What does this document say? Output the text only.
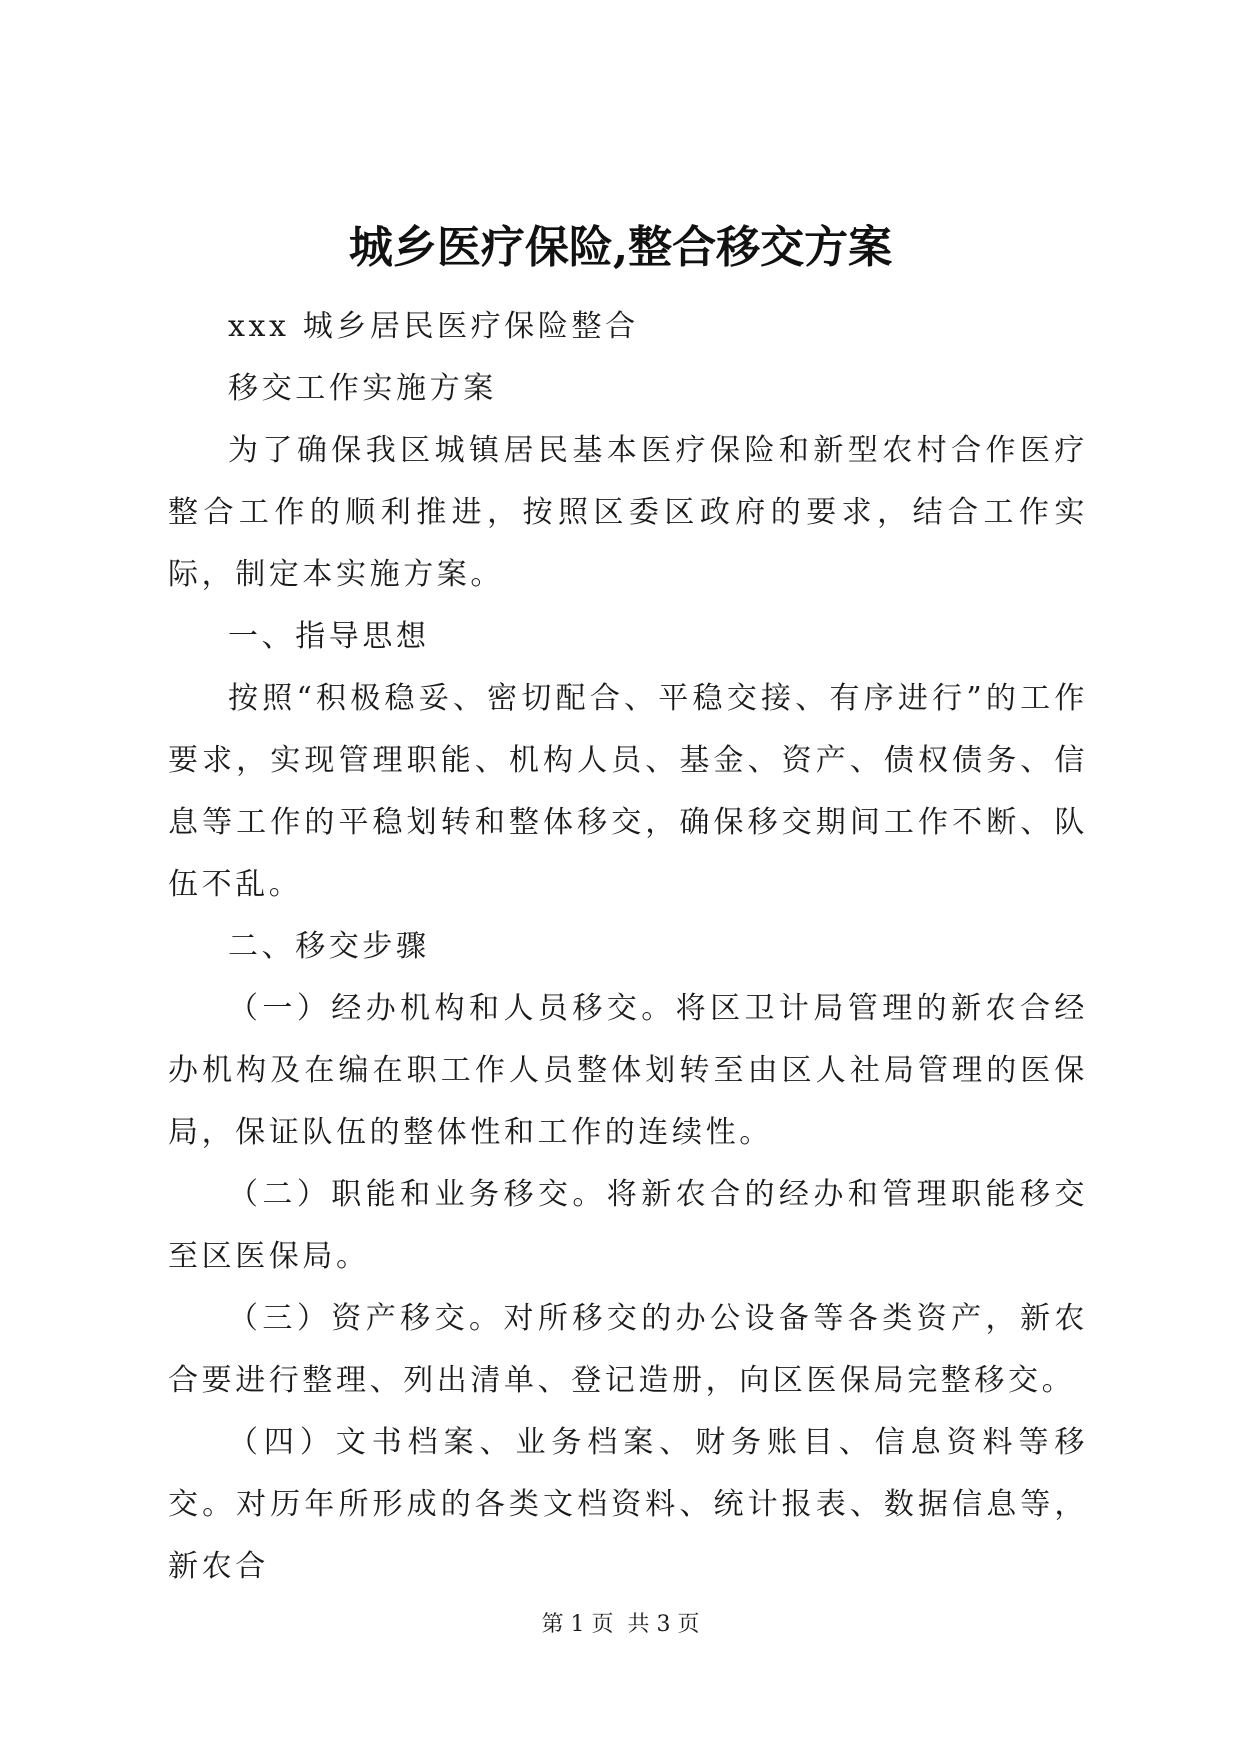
城乡医疗保险,整合移交方案

xxx 城乡居民医疗保险整合

移交工作实施方案

为了确保我区城镇居民基本医疗保险和新型农村合作医疗整合工作的顺利推进，按照区委区政府的要求，结合工作实际，制定本实施方案。

一、指导思想

按照“积极稳妥、密切配合、平稳交接、有序进行”的工作要求，实现管理职能、机构人员、基金、资产、债权债务、信息等工作的平稳划转和整体移交，确保移交期间工作不断、队伍不乱。

二、移交步骤

（一）经办机构和人员移交。将区卫计局管理的新农合经办机构及在编在职工作人员整体划转至由区人社局管理的医保局，保证队伍的整体性和工作的连续性。

（二）职能和业务移交。将新农合的经办和管理职能移交至区医保局。

（三）资产移交。对所移交的办公设备等各类资产，新农合要进行整理、列出清单、登记造册，向区医保局完整移交。

（四）文书档案、业务档案、财务账目、信息资料等移交。对历年所形成的各类文档资料、统计报表、数据信息等，新农合

第 1 页  共 3 页
